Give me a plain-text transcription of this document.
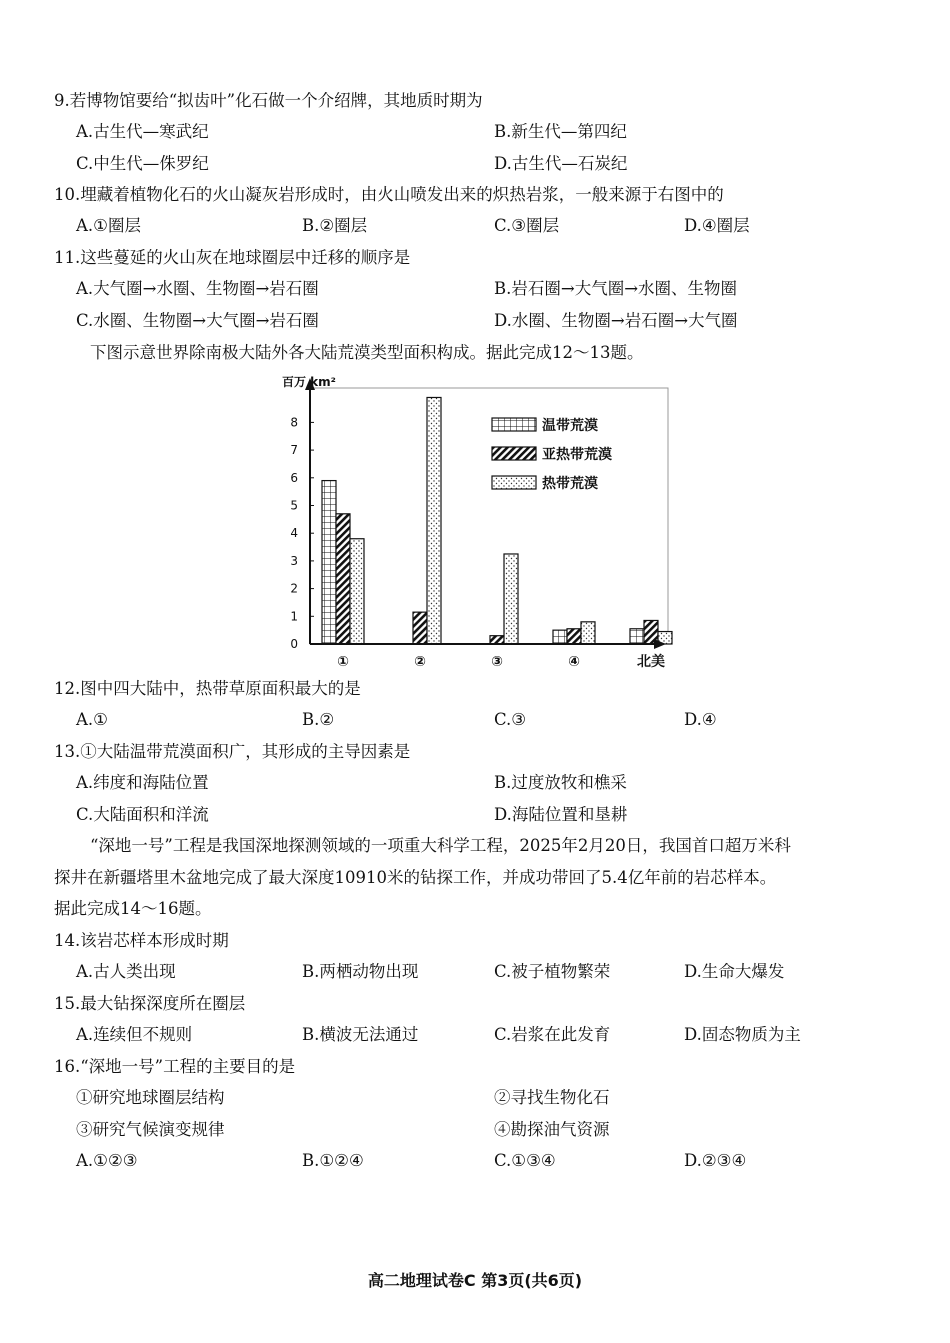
9.若博物馆要给“拟齿叶”化石做一个介绍牌，其地质时期为
A.古生代—寒武纪	B.新生代—第四纪
C.中生代—侏罗纪	D.古生代—石炭纪
10.埋藏着植物化石的火山凝灰岩形成时，由火山喷发出来的炽热岩浆，一般来源于右图中的
A.①圈层	B.②圈层	C.③圈层	D.④圈层
11.这些蔓延的火山灰在地球圈层中迁移的顺序是
A.大气圈→水圈、生物圈→岩石圈	B.岩石圈→大气圈→水圈、生物圈
C.水圈、生物圈→大气圈→岩石圈	D.水圈、生物圈→岩石圈→大气圈
下图示意世界除南极大陆外各大陆荒漠类型面积构成。据此完成12～13题。
百万 km²
0
1
2
3
4
5
6
7
8
①	②	③	④	北美
温带荒漠
亚热带荒漠
热带荒漠
12.图中四大陆中，热带草原面积最大的是
A.①	B.②	C.③	D.④
13.①大陆温带荒漠面积广，其形成的主导因素是
A.纬度和海陆位置	B.过度放牧和樵采
C.大陆面积和洋流	D.海陆位置和垦耕
“深地一号”工程是我国深地探测领域的一项重大科学工程，2025年2月20日，我国首口超万米科
探井在新疆塔里木盆地完成了最大深度10910米的钻探工作，并成功带回了5.4亿年前的岩芯样本。
据此完成14～16题。
14.该岩芯样本形成时期
A.古人类出现	B.两栖动物出现	C.被子植物繁荣	D.生命大爆发
15.最大钻探深度所在圈层
A.连续但不规则	B.横波无法通过	C.岩浆在此发育	D.固态物质为主
16.“深地一号”工程的主要目的是
①研究地球圈层结构	②寻找生物化石
③研究气候演变规律	④勘探油气资源
A.①②③	B.①②④	C.①③④	D.②③④
高二地理试卷C 第3页(共6页)
